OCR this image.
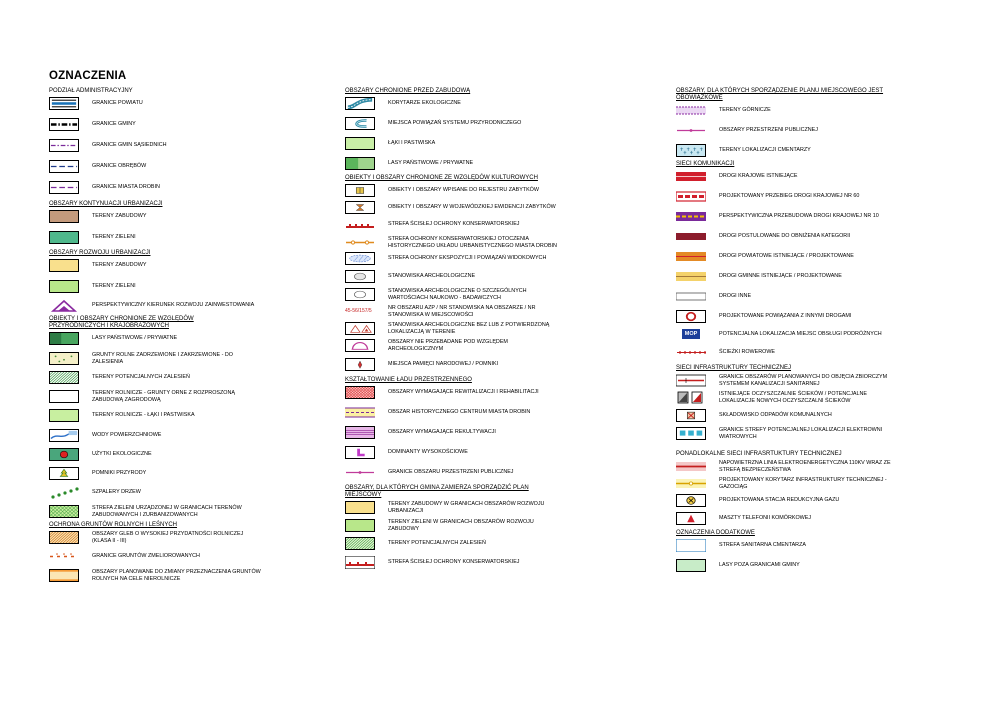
OZNACZENIA
PODZIAŁ ADMINISTRACYJNY
GRANICE POWIATU
GRANICE GMINY
GRANICE GMIN SĄSIEDNICH
GRANICE OBRĘBÓW
GRANICE MIASTA DROBIN
OBSZARY KONTYNUACJI URBANIZACJI
TERENY ZABUDOWY
TERENY ZIELENI
OBSZARY ROZWOJU URBANIZACJI
TERENY ZABUDOWY
TERENY ZIELENI
PERSPEKTYWICZNY KIERUNEK ROZWOJU ZAINWESTOWANIA
OBIEKTY I OBSZARY CHRONIONE ZE WZGLĘDÓW PRZYRODNICZYCH I KRAJOBRAZOWYCH
LASY PAŃSTWOWE / PRYWATNE
GRUNTY ROLNE ZADRZEWIONE I ZAKRZEWIONE - DO ZALESIENIA
TERENY POTENCJALNYCH ZALESIEŃ
TERENY ROLNICZE - GRUNTY ORNE Z ROZPROSZONĄ ZABUDOWĄ ZAGRODOWĄ
TERENY ROLNICZE - ŁĄKI I PASTWISKA
WODY POWIERZCHNIOWE
UŻYTKI EKOLOGICZNE
POMNIKI PRZYRODY
SZPALERY DRZEW
STREFA ZIELENI URZĄDZONEJ W GRANICACH TERENÓW ZABUDOWANYCH I ZURBANIZOWANYCH
OCHRONA GRUNTÓW ROLNYCH I LEŚNYCH
OBSZARY GLEB O WYSOKIEJ PRZYDATNOŚCI ROLNICZEJ (KLASA II - III)
GRANICE GRUNTÓW ZMELIOROWANYCH
OBSZARY PLANOWANE DO ZMIANY PRZEZNACZENIA GRUNTÓW ROLNYCH NA CELE NIEROLNICZE
OBSZARY CHRONIONE PRZED ZABUDOWĄ
KORYTARZE EKOLOGICZNE
MIEJSCA POWIĄZAŃ SYSTEMU PRZYRODNICZEGO
ŁĄKI I PASTWISKA
LASY PAŃSTWOWE / PRYWATNE
OBIEKTY I OBSZARY CHRONIONE ZE WZGLĘDÓW KULTUROWYCH
OBIEKTY I OBSZARY WPISANE DO REJESTRU ZABYTKÓW
OBIEKTY I OBSZARY W WOJEWÓDZKIEJ EWIDENCJI ZABYTKÓW
STREFA ŚCISŁEJ OCHRONY KONSERWATORSKIEJ
STREFA OCHRONY KONSERWATORSKIEJ OTOCZENIA HISTORYCZNEGO UKŁADU URBANISTYCZNEGO MIASTA DROBIN
STREFA OCHRONY EKSPOZYCJI I POWIĄZAŃ WIDOKOWYCH
STANOWISKA ARCHEOLOGICZNE
STANOWISKA ARCHEOLOGICZNE O SZCZEGÓLNYCH WARTOŚCIACH NAUKOWO - BADAWCZYCH
45-56/157/5	NR OBSZARU AZP / NR STANOWISKA NA OBSZARZE / NR STANOWISKA W MIEJSCOWOŚCI
STANOWISKA ARCHEOLOGICZNE BEZ LUB Z POTWIERDZONĄ LOKALIZACJĄ W TERENIE
OBSZARY NIE PRZEBADANE POD WZGLĘDEM ARCHEOLOGICZNYM
MIEJSCA PAMIĘCI NARODOWEJ / POMNIKI
KSZTAŁTOWANIE ŁADU PRZESTRZENNEGO
OBSZARY WYMAGAJĄCE REWITALIZACJI I REHABILITACJI
OBSZAR HISTORYCZNEGO CENTRUM MIASTA DROBIN
OBSZARY WYMAGAJĄCE REKULTYWACJI
DOMINANTY WYSOKOŚCIOWE
GRANICE OBSZARU PRZESTRZENI PUBLICZNEJ
OBSZARY, DLA KTÓRYCH GMINA ZAMIERZA SPORZĄDZIĆ PLAN MIEJSCOWY
TERENY ZABUDOWY W GRANICACH OBSZARÓW ROZWOJU URBANIZACJI
TERENY ZIELENI W GRANICACH OBSZARÓW ROZWOJU ZABUDOWY
TERENY POTENCJALNYCH ZALESIEŃ
STREFA ŚCISŁEJ OCHRONY KONSERWATORSKIEJ
OBSZARY, DLA KTÓRYCH SPORZĄDZENIE PLANU MIEJSCOWEGO JEST OBOWIĄZKOWE
TERENY GÓRNICZE
OBSZARY PRZESTRZENI PUBLICZNEJ
TERENY LOKALIZACJI CMENTARZY
SIECI KOMUNIKACJI
DROGI KRAJOWE ISTNIEJĄCE
PROJEKTOWANY PRZEBIEG DROGI KRAJOWEJ NR 60
PERSPEKTYWICZNA PRZEBUDOWA DROGI KRAJOWEJ NR 10
DROGI POSTULOWANE DO OBNIŻENIA KATEGORII
DROGI POWIATOWE ISTNIEJĄCE / PROJEKTOWANE
DROGI GMINNE ISTNIEJĄCE / PROJEKTOWANE
DROGI INNE
PROJEKTOWANE POWIĄZANIA Z INNYMI DROGAMI
MOP	POTENCJALNA LOKALIZACJA MIEJSC OBSŁUGI PODRÓŻNYCH
ŚCIEŻKI ROWEROWE
SIECI INFRASTRUKTURY TECHNICZNEJ
GRANICE OBSZARÓW PLANOWANYCH DO OBJĘCIA ZBIORCZYM SYSTEMEM KANALIZACJI SANITARNEJ
ISTNIEJĄCE OCZYSZCZALNIE ŚCIEKÓW / POTENCJALNE LOKALIZACJE NOWYCH OCZYSZCZALNI ŚCIEKÓW
SKŁADOWISKO ODPADÓW KOMUNALNYCH
GRANICE STREFY POTENCJALNEJ LOKALIZACJI ELEKTROWNI WIATROWYCH
PONADLOKALNE SIECI INFRASRTUKTURY TECHNICZNEJ
NAPOWIETRZNA LINIA ELEKTROENERGETYCZNA 110KV WRAZ ZE STREFĄ BEZPIECZEŃSTWA
PROJEKTOWANY KORYTARZ INFRASTRUKTURY TECHNICZNEJ - GAZOCIĄG
PROJEKTOWANA STACJA REDUKCYJNA GAZU
MASZTY TELEFONII KOMÓRKOWEJ
OZNACZENIA DODATKOWE
STREFA SANITARNA CMENTARZA
LASY POZA GRANICAMI GMINY
